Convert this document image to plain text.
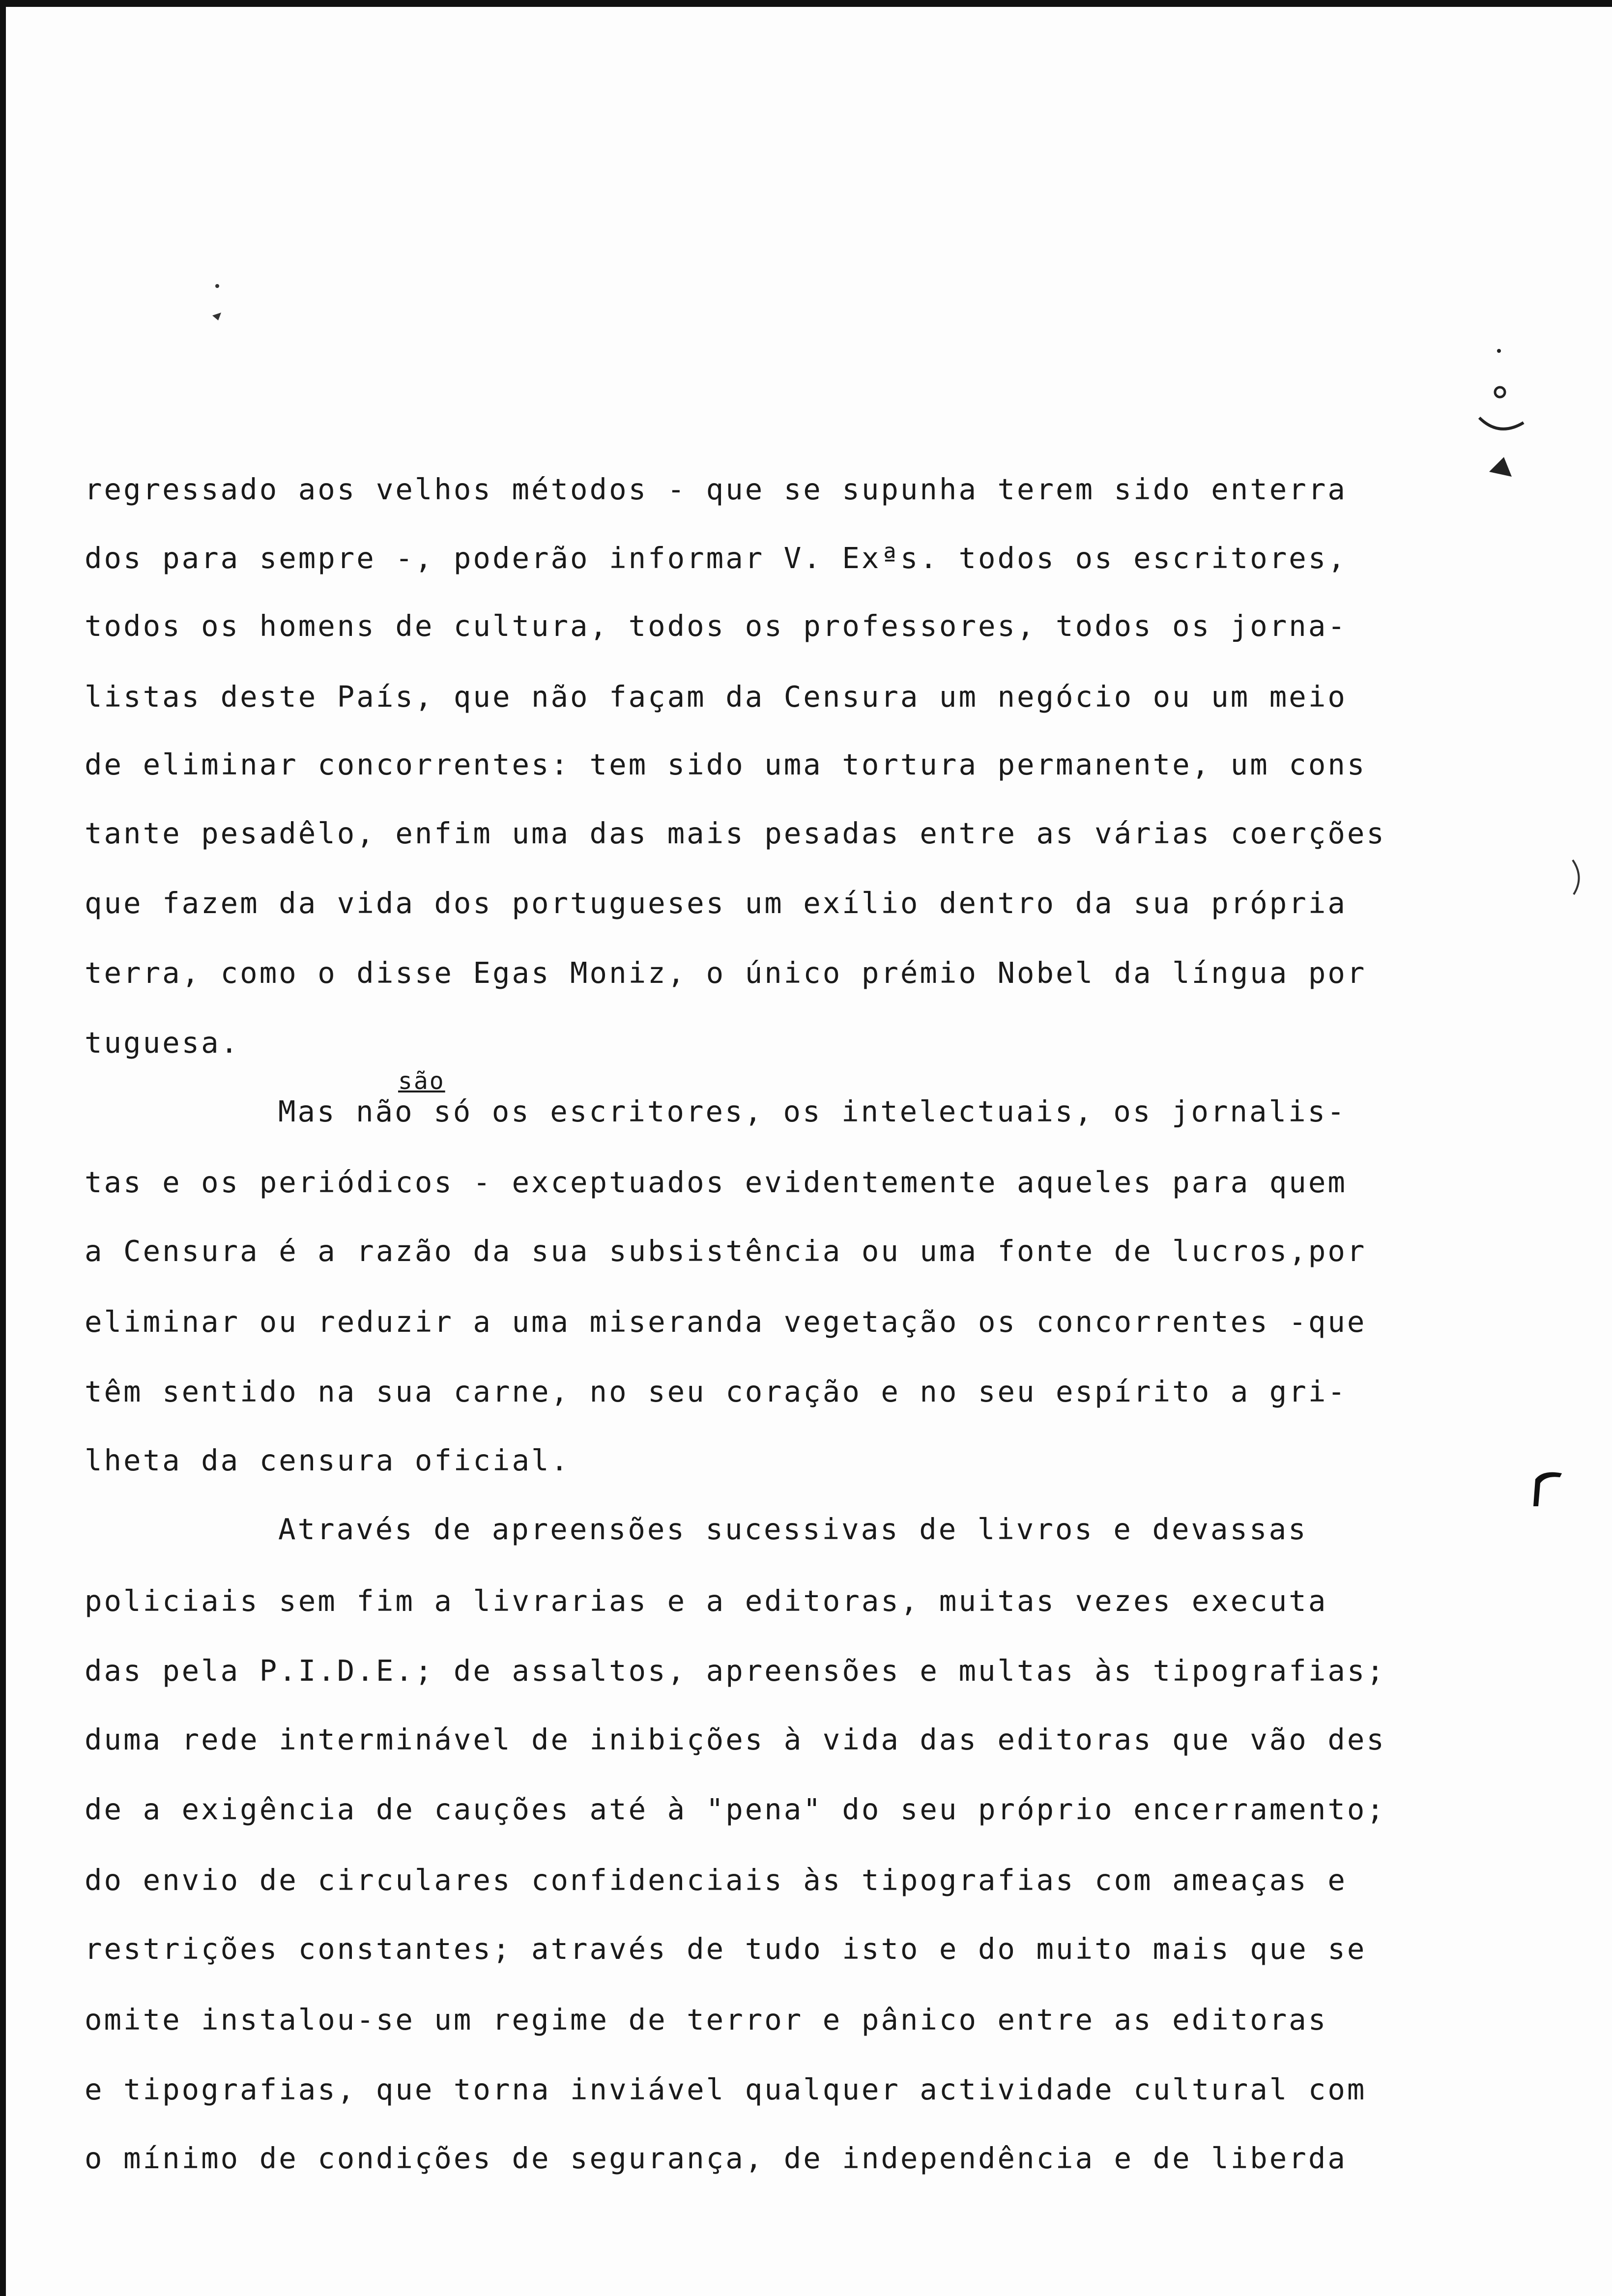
regressado aos velhos métodos - que se supunha terem sido enterra

dos para sempre -, poderão informar V. Exªs. todos os escritores,

todos os homens de cultura, todos os professores, todos os jorna-

listas deste País, que não façam da Censura um negócio ou um meio

de eliminar concorrentes: tem sido uma tortura permanente, um cons

tante pesadêlo, enfim uma das mais pesadas entre as várias coerções

que fazem da vida dos portugueses um exílio dentro da sua própria

terra, como o disse Egas Moniz, o único prémio Nobel da língua por

tuguesa.

são

Mas não só os escritores, os intelectuais, os jornalis-

tas e os periódicos - exceptuados evidentemente aqueles para quem

a Censura é a razão da sua subsistência ou uma fonte de lucros,por

eliminar ou reduzir a uma miseranda vegetação os concorrentes -que

têm sentido na sua carne, no seu coração e no seu espírito a gri-

lheta da censura oficial.

Através de apreensões sucessivas de livros e devassas

policiais sem fim a livrarias e a editoras, muitas vezes executa

das pela P.I.D.E.; de assaltos, apreensões e multas às tipografias;

duma rede interminável de inibições à vida das editoras que vão des

de a exigência de cauções até à "pena" do seu próprio encerramento;

do envio de circulares confidenciais às tipografias com ameaças e

restrições constantes; através de tudo isto e do muito mais que se

omite instalou-se um regime de terror e pânico entre as editoras

e tipografias, que torna inviável qualquer actividade cultural com

o mínimo de condições de segurança, de independência e de liberda
